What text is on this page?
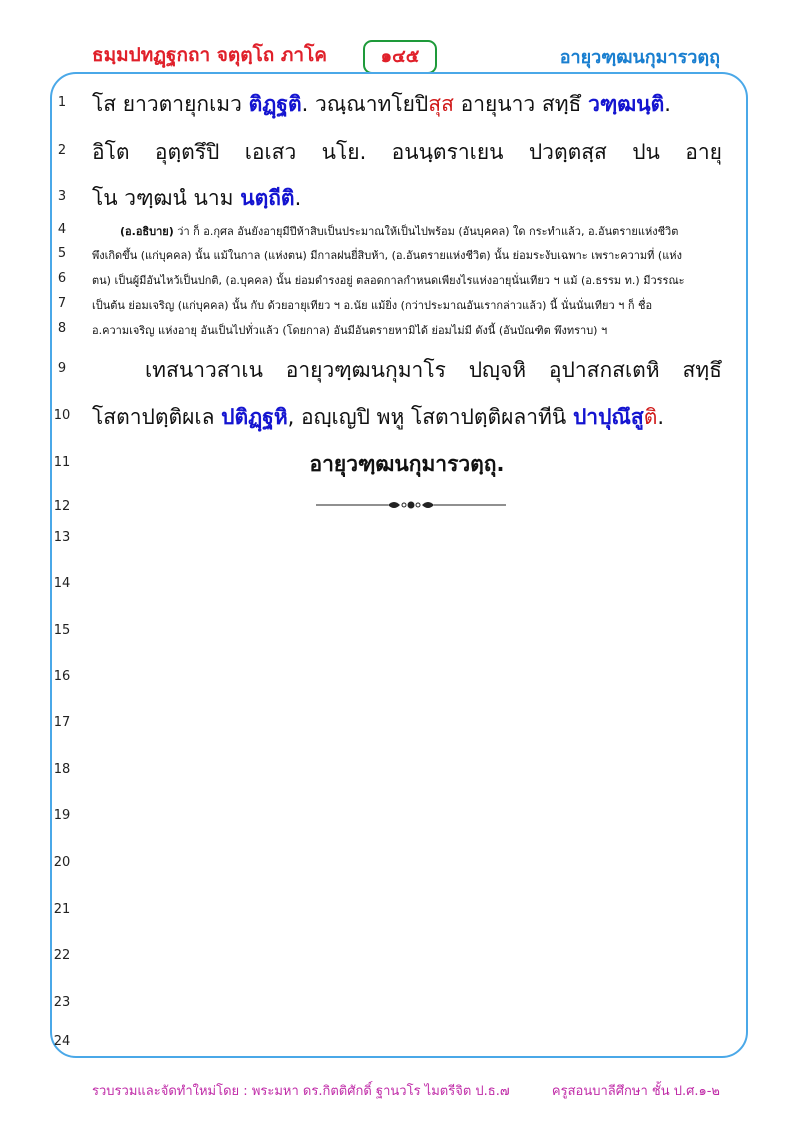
ธมฺมปทฏฺฐกถา จตุตฺโถ ภาโค	๑๔๕	อายุวฑฺฒนกุมารวตฺถุ
1
2
3
4
5
6
7
8
9
10
11
12
13
14
15
16
17
18
19
20
21
22
23
24
โส ยาวตายุกเมว ติฏฺฐติ. วณฺณาทโยปิสุส อายุนาว สทฺธึ วฑฺฒนฺติ.
อิโต อุตฺตรึปิ เอเสว นโย. อนนฺตราเยน ปวตฺตสฺส ปน อายุ
โน วฑฺฒนํ นาม นตฺถีติ.
(อ.อธิบาย) ว่า ก็ อ.กุศล อันยังอายุมีปีห้าสิบเป็นประมาณให้เป็นไปพร้อม (อันบุคคล) ใด กระทำแล้ว, อ.อันตรายแห่งชีวิต
พึงเกิดขึ้น (แก่บุคคล) นั้น แม้ในกาล (แห่งตน) มีกาลฝนยี่สิบห้า, (อ.อันตรายแห่งชีวิต) นั้น ย่อมระงับเฉพาะ เพราะความที่ (แห่ง
ตน) เป็นผู้มีอันไหว้เป็นปกติ, (อ.บุคคล) นั้น ย่อมดำรงอยู่ ตลอดกาลกำหนดเพียงไรแห่งอายุนั่นเทียว ฯ แม้ (อ.ธรรม ท.) มีวรรณะ
เป็นต้น ย่อมเจริญ (แก่บุคคล) นั้น กับ ด้วยอายุเทียว ฯ อ.นัย แม้ยิ่ง (กว่าประมาณอันเรากล่าวแล้ว) นี้ นั่นนั่นเทียว ฯ ก็ ชื่อ
อ.ความเจริญ แห่งอายุ อันเป็นไปทั่วแล้ว (โดยกาล) อันมีอันตรายหามิได้ ย่อมไม่มี ดังนี้ (อันบัณฑิต พึงทราบ) ฯ
เทสนาวสาเน อายุวฑฺฒนกุมาโร ปญฺจหิ อุปาสกสเตหิ สทฺธึ
โสตาปตฺติผเล ปติฏฺฐหิ, อญฺเญปิ พหู โสตาปตฺติผลาทีนิ ปาปุณึสูติ.
อายุวฑฺฒนกุมารวตฺถุ.
รวบรวมและจัดทำใหม่โดย : พระมหา ดร.กิตติศักดิ์ ฐานวโร ไมตรีจิต ป.ธ.๗	ครูสอนบาลีศึกษา ชั้น ป.ศ.๑-๒
